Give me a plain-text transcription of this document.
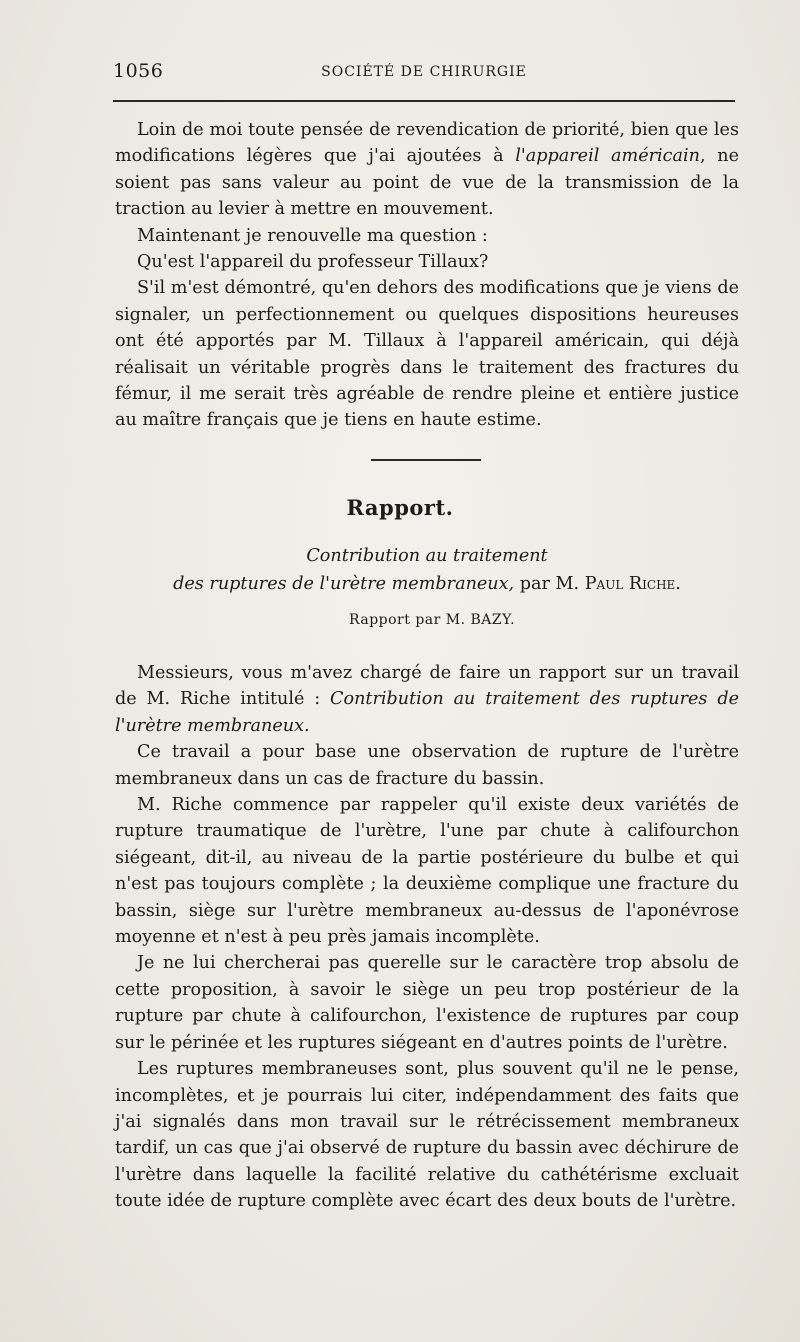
1056	SOCIÉTÉ DE CHIRURGIE

Loin de moi toute pensée de revendication de priorité, bien que les modifications légères que j'ai ajoutées à l'appareil américain, ne soient pas sans valeur au point de vue de la transmission de la traction au levier à mettre en mouvement.

Maintenant je renouvelle ma question :

Qu'est l'appareil du professeur Tillaux?

S'il m'est démontré, qu'en dehors des modifications que je viens de signaler, un perfectionnement ou quelques dispositions heureuses ont été apportés par M. Tillaux à l'appareil américain, qui déjà réalisait un véritable progrès dans le traitement des fractures du fémur, il me serait très agréable de rendre pleine et entière justice au maître français que je tiens en haute estime.

Rapport.
Contribution au traitement
des ruptures de l'urètre membraneux, par M. Paul Riche.
Rapport par M. BAZY.

Messieurs, vous m'avez chargé de faire un rapport sur un travail de M. Riche intitulé : Contribution au traitement des ruptures de l'urètre membraneux.

Ce travail a pour base une observation de rupture de l'urètre membraneux dans un cas de fracture du bassin.

M. Riche commence par rappeler qu'il existe deux variétés de rupture traumatique de l'urètre, l'une par chute à califourchon siégeant, dit-il, au niveau de la partie postérieure du bulbe et qui n'est pas toujours complète ; la deuxième complique une fracture du bassin, siège sur l'urètre membraneux au-dessus de l'aponévrose moyenne et n'est à peu près jamais incomplète.

Je ne lui chercherai pas querelle sur le caractère trop absolu de cette proposition, à savoir le siège un peu trop postérieur de la rupture par chute à califourchon, l'existence de ruptures par coup sur le périnée et les ruptures siégeant en d'autres points de l'urètre.

Les ruptures membraneuses sont, plus souvent qu'il ne le pense, incomplètes, et je pourrais lui citer, indépendamment des faits que j'ai signalés dans mon travail sur le rétrécissement membraneux tardif, un cas que j'ai observé de rupture du bassin avec déchirure de l'urètre dans laquelle la facilité relative du cathétérisme excluait toute idée de rupture complète avec écart des deux bouts de l'urètre.
